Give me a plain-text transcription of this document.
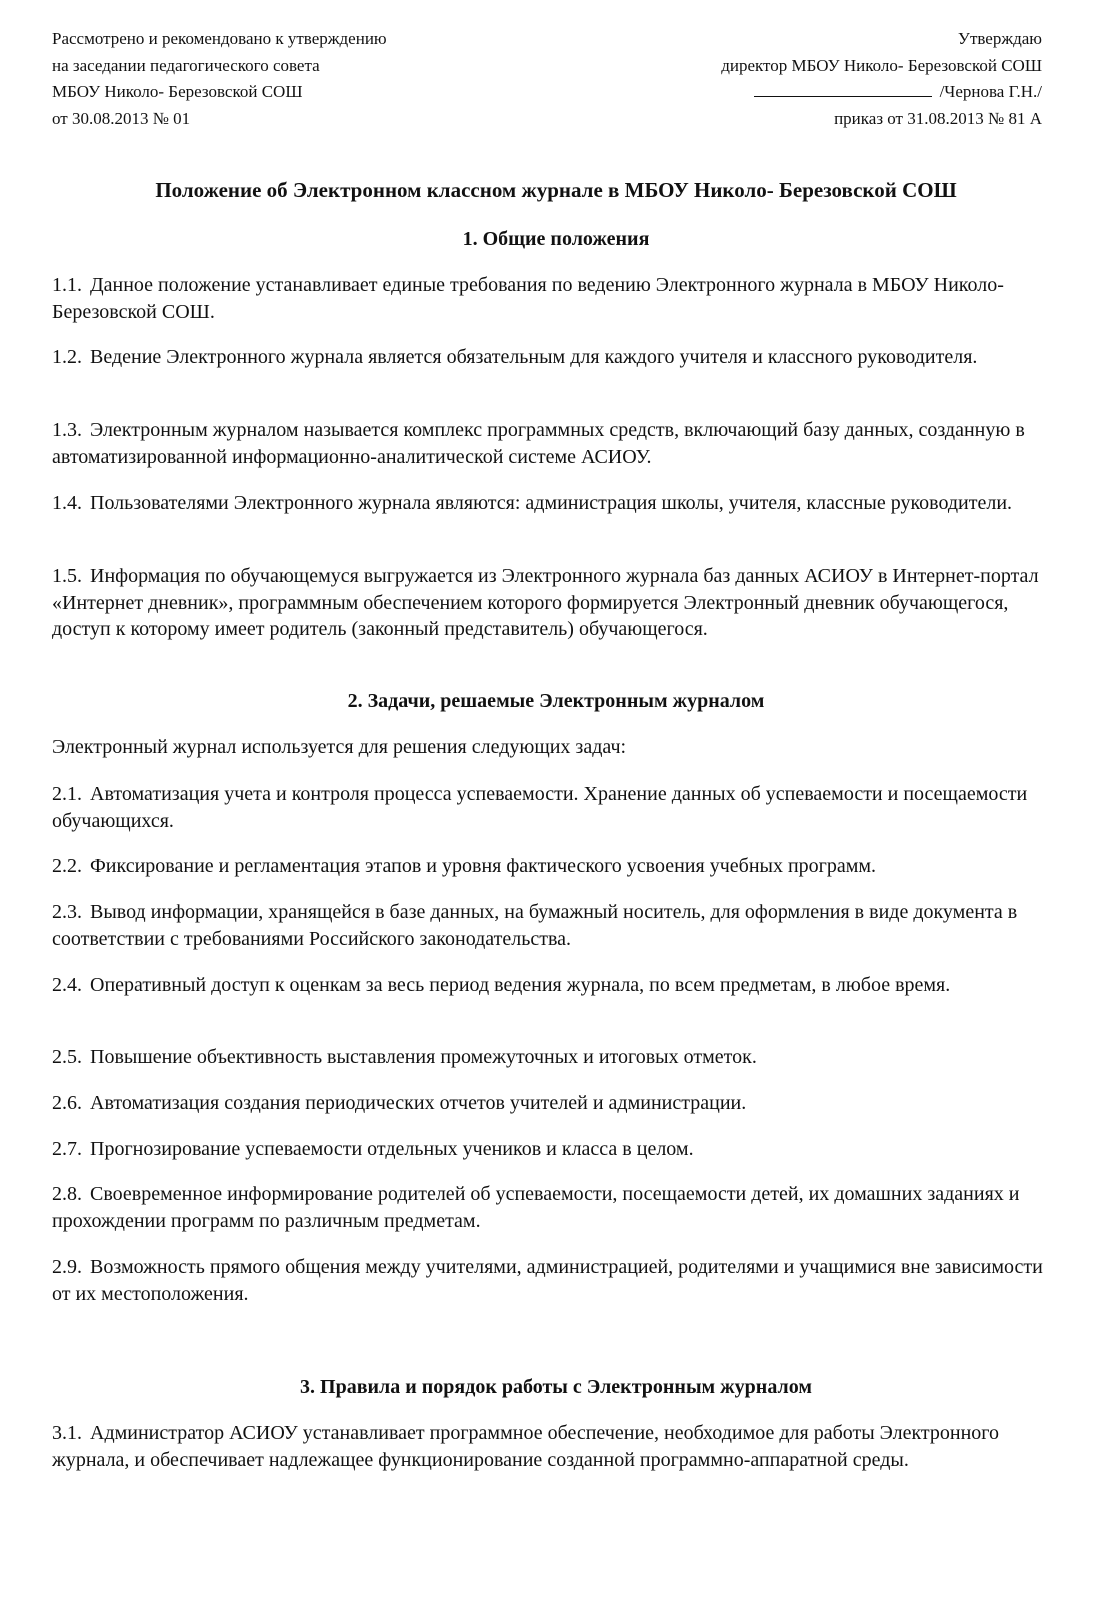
Рассмотрено и рекомендовано к утверждению
на заседании педагогического совета
МБОУ Николо- Березовской СОШ
от 30.08.2013 № 01
Утверждаю
директор МБОУ Николо- Березовской СОШ
/Чернова Г.Н./
приказ от 31.08.2013 № 81 А
Положение об Электронном классном журнале в МБОУ Николо- Березовской СОШ
1. Общие положения
1.1. Данное положение устанавливает единые требования по ведению Электронного журнала в МБОУ Николо- Березовской СОШ.
1.2. Ведение Электронного журнала является обязательным для каждого учителя и классного руководителя.
1.3. Электронным журналом называется комплекс программных средств, включающий базу данных, созданную в автоматизированной информационно-аналитической системе АСИОУ.
1.4. Пользователями Электронного журнала являются: администрация школы, учителя, классные руководители.
1.5. Информация по обучающемуся выгружается из Электронного журнала баз данных АСИОУ в Интернет-портал «Интернет дневник», программным обеспечением которого формируется Электронный дневник обучающегося, доступ к которому имеет родитель (законный представитель) обучающегося.
2. Задачи, решаемые Электронным журналом
Электронный журнал используется для решения следующих задач:
2.1. Автоматизация учета и контроля процесса успеваемости. Хранение данных об успеваемости и посещаемости обучающихся.
2.2. Фиксирование и регламентация этапов и уровня фактического усвоения учебных программ.
2.3. Вывод информации, хранящейся в базе данных, на бумажный носитель, для оформления в виде документа в соответствии с требованиями Российского законодательства.
2.4. Оперативный доступ к оценкам за весь период ведения журнала, по всем предметам, в любое время.
2.5. Повышение объективность выставления промежуточных и итоговых отметок.
2.6. Автоматизация создания периодических отчетов учителей и администрации.
2.7. Прогнозирование успеваемости отдельных учеников и класса в целом.
2.8. Своевременное информирование родителей об успеваемости, посещаемости детей, их домашних заданиях и прохождении программ по различным предметам.
2.9. Возможность прямого общения между учителями, администрацией, родителями и учащимися вне зависимости от их местоположения.
3. Правила и порядок работы с Электронным журналом
3.1. Администратор АСИОУ устанавливает программное обеспечение, необходимое для работы Электронного журнала, и обеспечивает надлежащее функционирование созданной программно-аппаратной среды.
